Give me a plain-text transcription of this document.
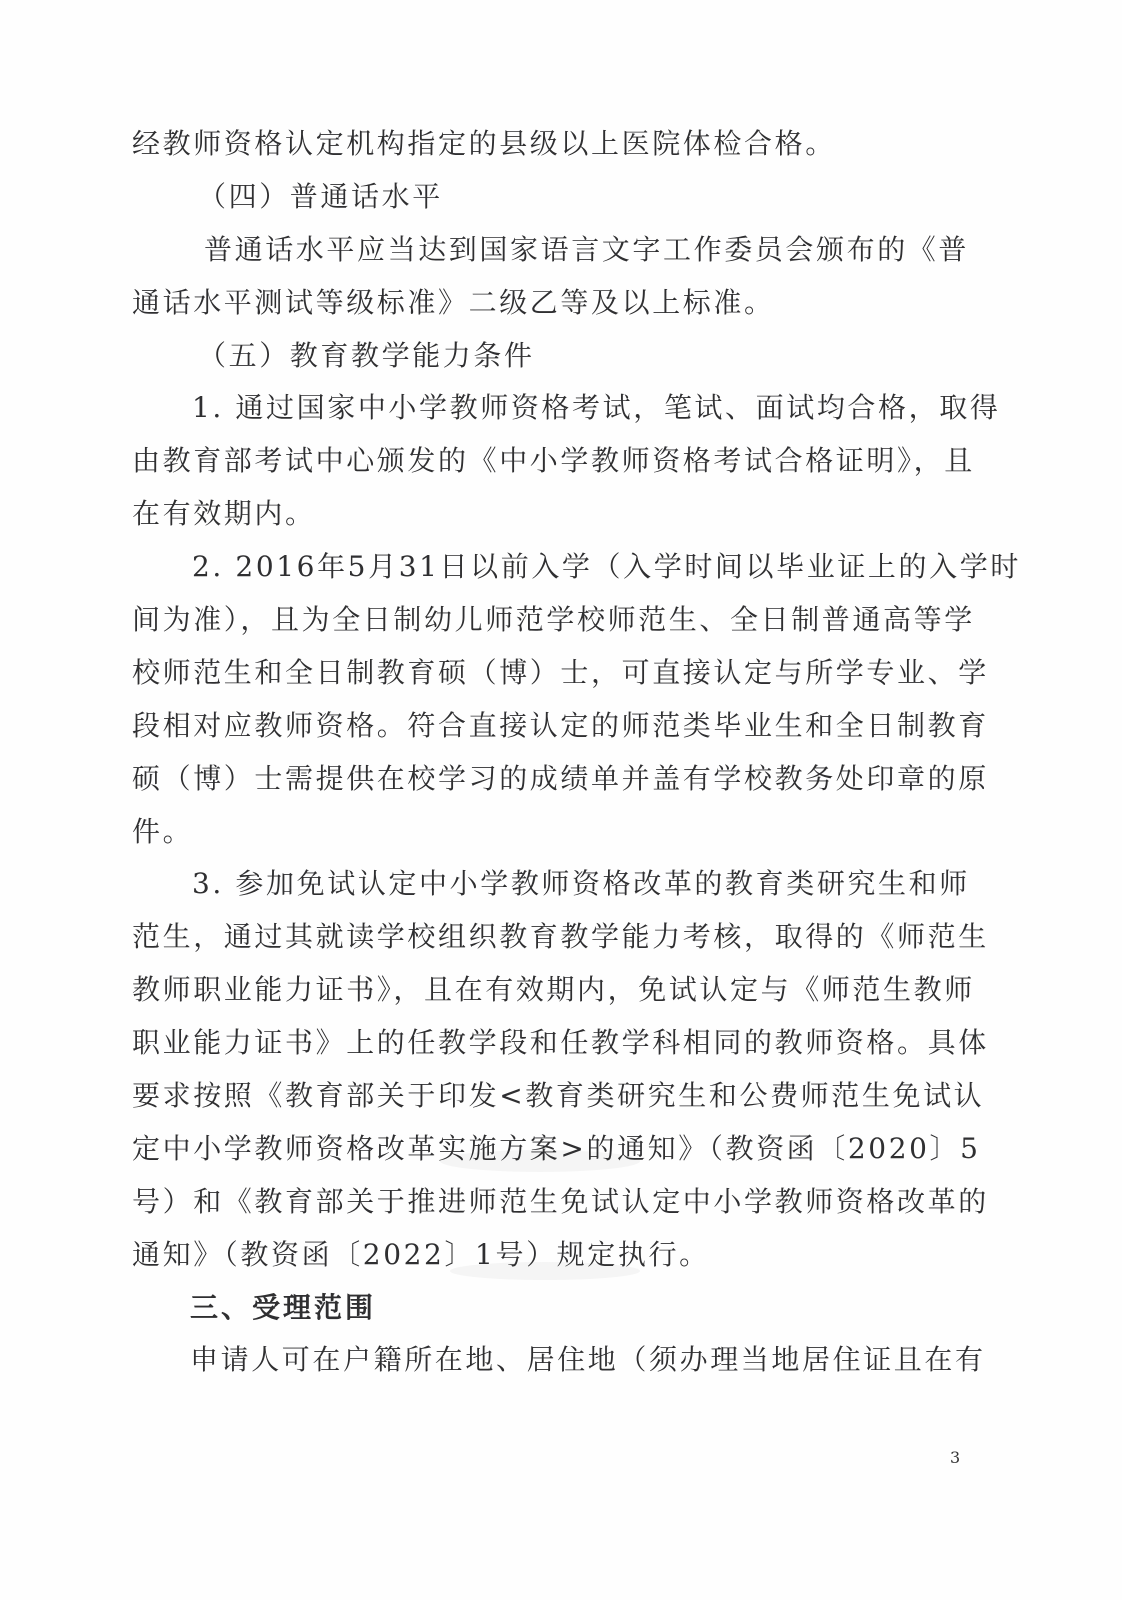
经教师资格认定机构指定的县级以上医院体检合格。
（四）普通话水平
普通话水平应当达到国家语言文字工作委员会颁布的《普
通话水平测试等级标准》二级乙等及以上标准。
（五）教育教学能力条件
1. 通过国家中小学教师资格考试，笔试、面试均合格，取得
由教育部考试中心颁发的《中小学教师资格考试合格证明》，且
在有效期内。
2. 2016年5月31日以前入学（入学时间以毕业证上的入学时
间为准），且为全日制幼儿师范学校师范生、全日制普通高等学
校师范生和全日制教育硕（博）士，可直接认定与所学专业、学
段相对应教师资格。符合直接认定的师范类毕业生和全日制教育
硕（博）士需提供在校学习的成绩单并盖有学校教务处印章的原
件。
3. 参加免试认定中小学教师资格改革的教育类研究生和师
范生，通过其就读学校组织教育教学能力考核，取得的《师范生
教师职业能力证书》，且在有效期内，免试认定与《师范生教师
职业能力证书》上的任教学段和任教学科相同的教师资格。具体
要求按照《教育部关于印发<教育类研究生和公费师范生免试认
定中小学教师资格改革实施方案>的通知》（教资函〔2020〕5
号）和《教育部关于推进师范生免试认定中小学教师资格改革的
通知》（教资函〔2022〕1号）规定执行。
三、受理范围
申请人可在户籍所在地、居住地（须办理当地居住证且在有
3
